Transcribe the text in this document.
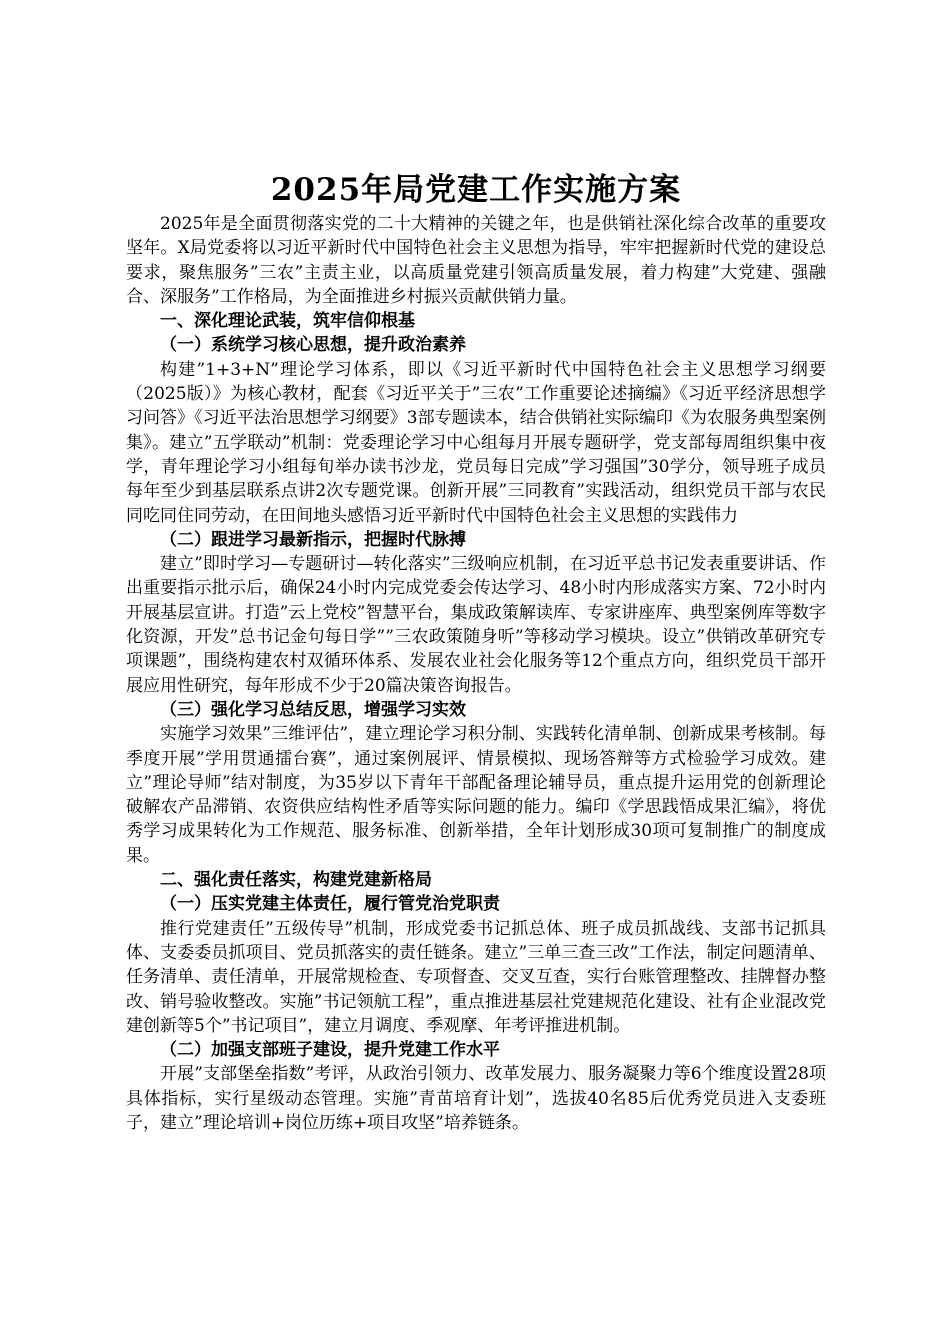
2025年局党建工作实施方案

2025年是全面贯彻落实党的二十大精神的关键之年，也是供销社深化综合改革的重要攻坚年。X局党委将以习近平新时代中国特色社会主义思想为指导，牢牢把握新时代党的建设总要求，聚焦服务”三农”主责主业，以高质量党建引领高质量发展，着力构建”大党建、强融合、深服务”工作格局，为全面推进乡村振兴贡献供销力量。

一、深化理论武装，筑牢信仰根基
（一）系统学习核心思想，提升政治素养

构建”1+3+N”理论学习体系，即以《习近平新时代中国特色社会主义思想学习纲要（2025版）》为核心教材，配套《习近平关于”三农”工作重要论述摘编》《习近平经济思想学习问答》《习近平法治思想学习纲要》3部专题读本，结合供销社实际编印《为农服务典型案例集》。建立”五学联动”机制：党委理论学习中心组每月开展专题研学，党支部每周组织集中夜学，青年理论学习小组每旬举办读书沙龙，党员每日完成”学习强国”30学分，领导班子成员每年至少到基层联系点讲2次专题党课。创新开展”三同教育”实践活动，组织党员干部与农民同吃同住同劳动，在田间地头感悟习近平新时代中国特色社会主义思想的实践伟力

（二）跟进学习最新指示，把握时代脉搏

建立”即时学习—专题研讨—转化落实”三级响应机制，在习近平总书记发表重要讲话、作出重要指示批示后，确保24小时内完成党委会传达学习、48小时内形成落实方案、72小时内开展基层宣讲。打造”云上党校”智慧平台，集成政策解读库、专家讲座库、典型案例库等数字化资源，开发”总书记金句每日学””三农政策随身听”等移动学习模块。设立”供销改革研究专项课题”，围绕构建农村双循环体系、发展农业社会化服务等12个重点方向，组织党员干部开展应用性研究，每年形成不少于20篇决策咨询报告。

（三）强化学习总结反思，增强学习实效

实施学习效果”三维评估”，建立理论学习积分制、实践转化清单制、创新成果考核制。每季度开展”学用贯通擂台赛”，通过案例展评、情景模拟、现场答辩等方式检验学习成效。建立”理论导师”结对制度，为35岁以下青年干部配备理论辅导员，重点提升运用党的创新理论破解农产品滞销、农资供应结构性矛盾等实际问题的能力。编印《学思践悟成果汇编》，将优秀学习成果转化为工作规范、服务标准、创新举措，全年计划形成30项可复制推广的制度成果。

二、强化责任落实，构建党建新格局
（一）压实党建主体责任，履行管党治党职责

推行党建责任”五级传导”机制，形成党委书记抓总体、班子成员抓战线、支部书记抓具体、支委委员抓项目、党员抓落实的责任链条。建立”三单三查三改”工作法，制定问题清单、任务清单、责任清单，开展常规检查、专项督查、交叉互查，实行台账管理整改、挂牌督办整改、销号验收整改。实施”书记领航工程”，重点推进基层社党建规范化建设、社有企业混改党建创新等5个”书记项目”，建立月调度、季观摩、年考评推进机制。

（二）加强支部班子建设，提升党建工作水平

开展”支部堡垒指数”考评，从政治引领力、改革发展力、服务凝聚力等6个维度设置28项具体指标，实行星级动态管理。实施”青苗培育计划”，选拔40名85后优秀党员进入支委班子，建立”理论培训+岗位历练+项目攻坚”培养链条。
